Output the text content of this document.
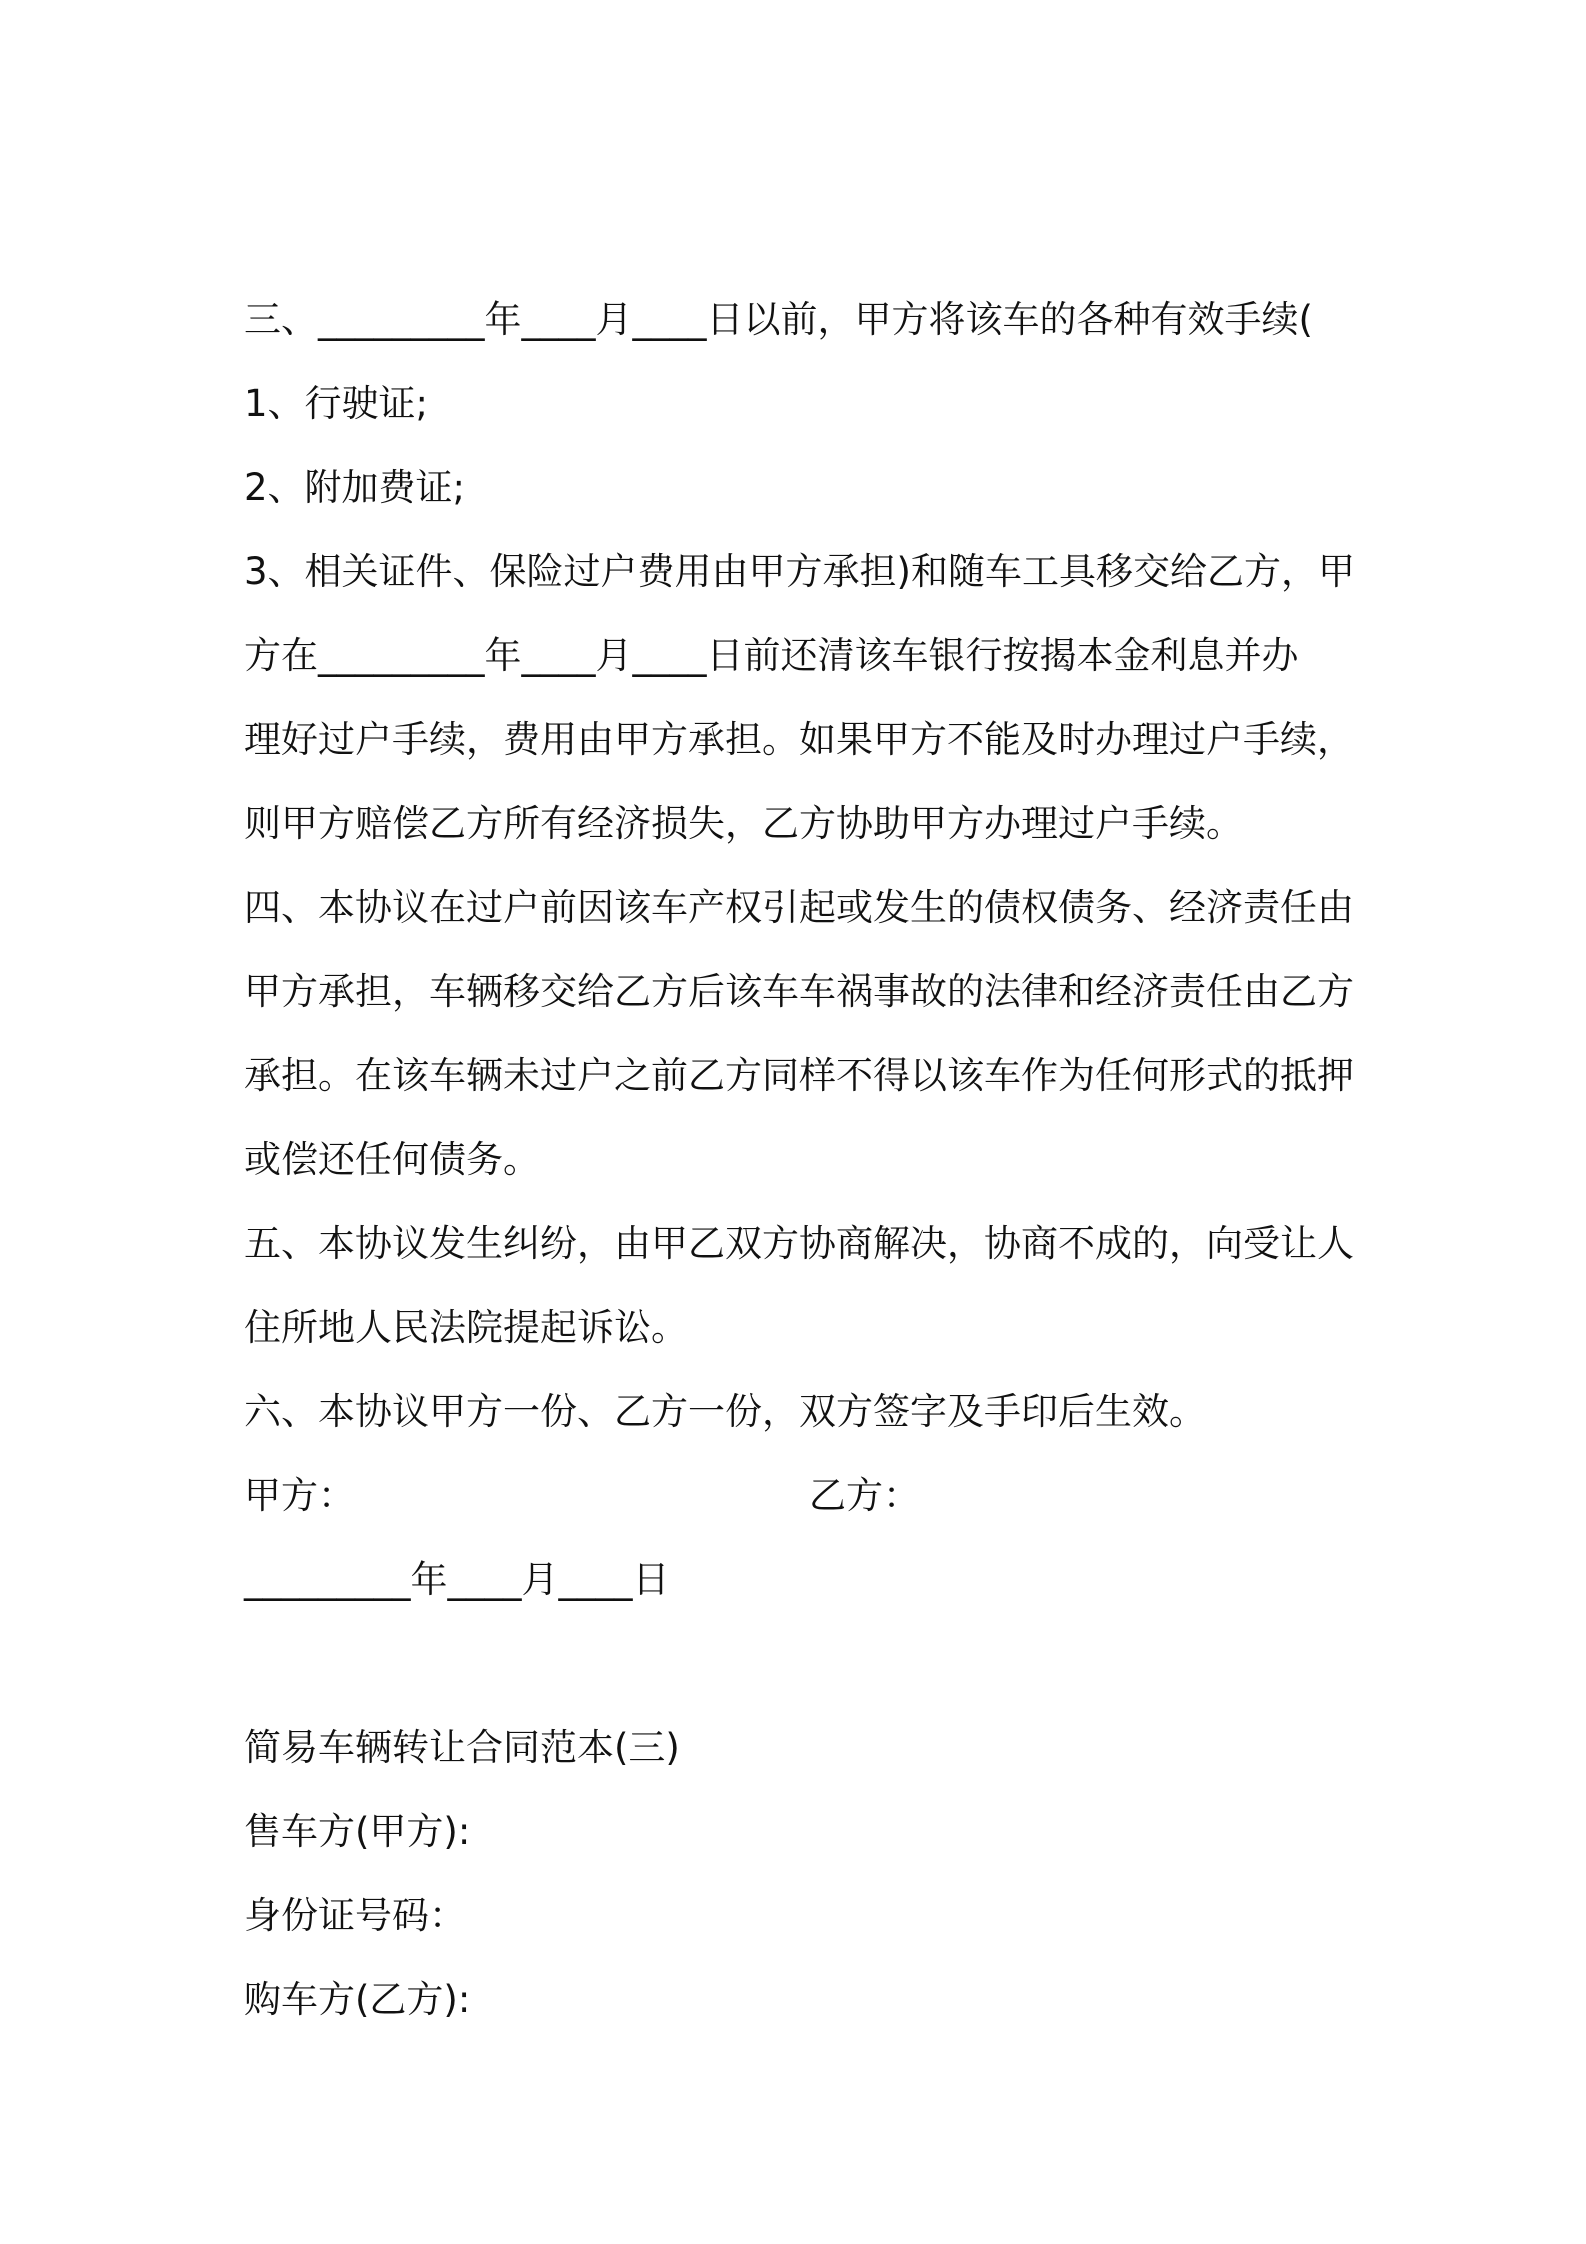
三、_________年____月____日以前，甲方将该车的各种有效手续(
1、行驶证;
2、附加费证;
3、相关证件、保险过户费用由甲方承担)和随车工具移交给乙方，甲
方在_________年____月____日前还清该车银行按揭本金利息并办
理好过户手续，费用由甲方承担。如果甲方不能及时办理过户手续，
则甲方赔偿乙方所有经济损失，乙方协助甲方办理过户手续。
四、本协议在过户前因该车产权引起或发生的债权债务、经济责任由
甲方承担，车辆移交给乙方后该车车祸事故的法律和经济责任由乙方
承担。在该车辆未过户之前乙方同样不得以该车作为任何形式的抵押
或偿还任何债务。
五、本协议发生纠纷，由甲乙双方协商解决，协商不成的，向受让人
住所地人民法院提起诉讼。
六、本协议甲方一份、乙方一份，双方签字及手印后生效。
甲方：	乙方：
_________年____月____日
简易车辆转让合同范本(三)
售车方(甲方):
身份证号码：
购车方(乙方):
